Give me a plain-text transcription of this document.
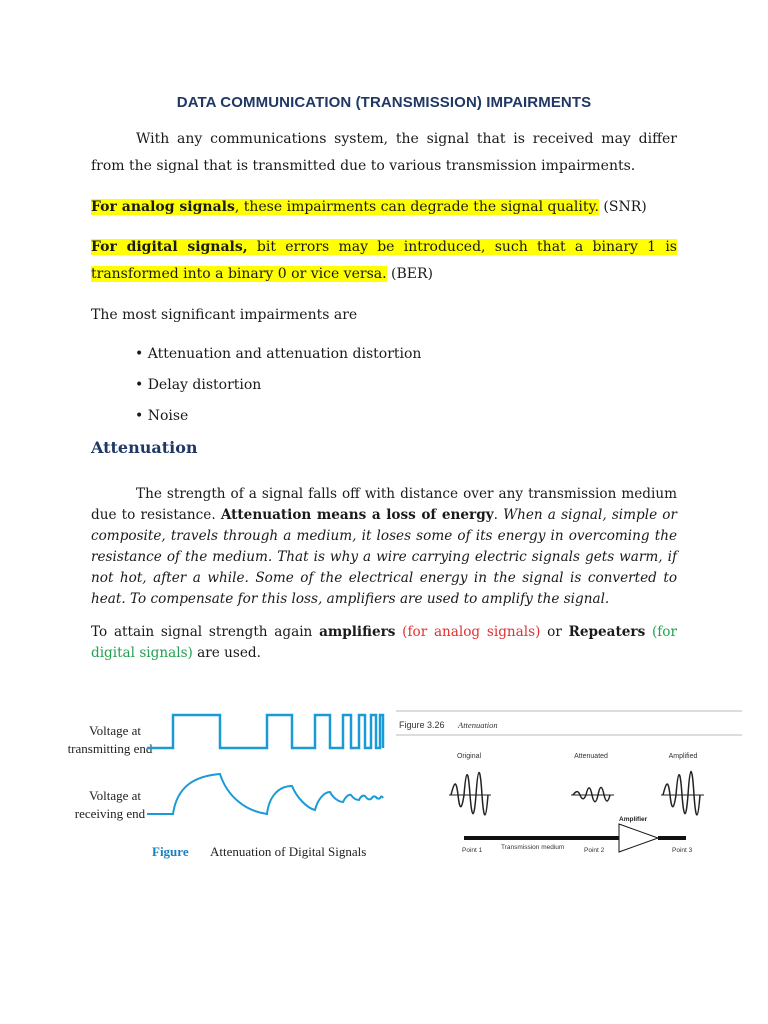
DATA COMMUNICATION (TRANSMISSION) IMPAIRMENTS
With any communications system, the signal that is received may differ from the signal that is transmitted due to various transmission impairments.
For analog signals, these impairments can degrade the signal quality. (SNR)
For digital signals, bit errors may be introduced, such that a binary 1 is transformed into a binary 0 or vice versa. (BER)
The most significant impairments are
• Attenuation and attenuation distortion
• Delay distortion
• Noise
Attenuation
The strength of a signal falls off with distance over any transmission medium due to resistance. Attenuation means a loss of energy. When a signal, simple or composite, travels through a medium, it loses some of its energy in overcoming the resistance of the medium. That is why a wire carrying electric signals gets warm, if not hot, after a while. Some of the electrical energy in the signal is converted to heat. To compensate for this loss, amplifiers are used to amplify the signal.
To attain signal strength again amplifiers (for analog signals) or Repeaters (for digital signals) are used.
Voltage at
transmitting end
Voltage at
receiving end
Figure Attenuation of Digital Signals
Figure 3.26 Attenuation
Original	Attenuated	Amplified
Transmission medium
Amplifier
Point 1	Point 2	Point 3
